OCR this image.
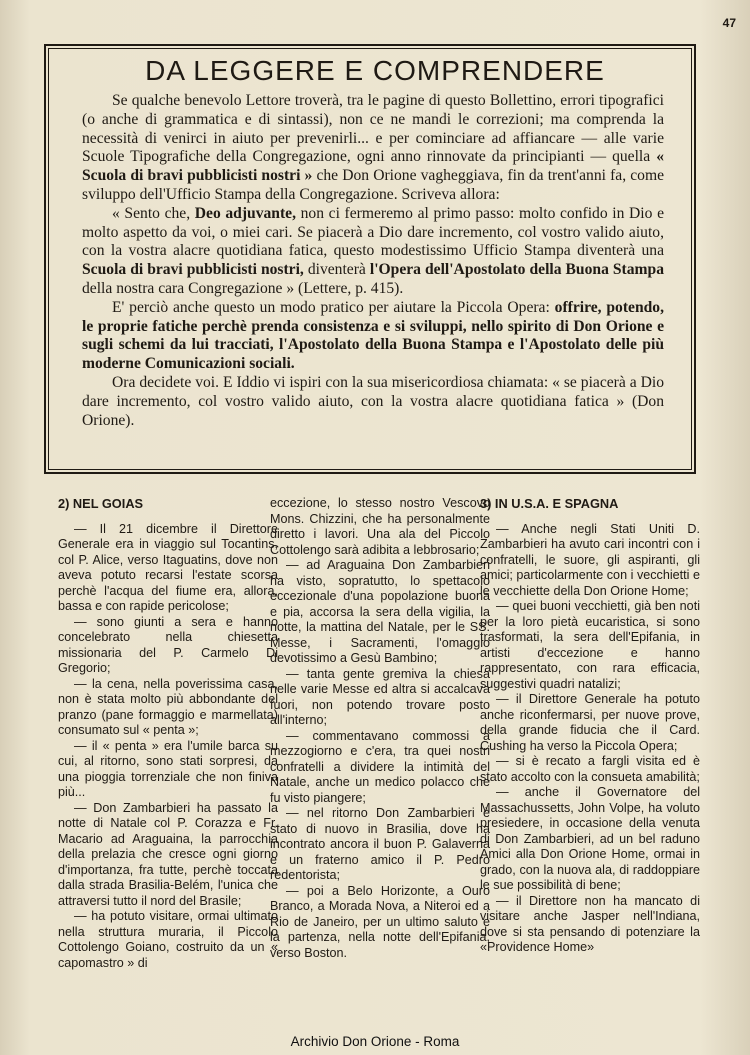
47
DA LEGGERE E COMPRENDERE

Se qualche benevolo Lettore troverà, tra le pagine di questo Bollettino, errori tipografici (o anche di grammatica e di sintassi), non ce ne mandi le correzioni; ma comprenda la necessità di venirci in aiuto per prevenirli... e per cominciare ad affiancare — alle varie Scuole Tipografiche della Congregazione, ogni anno rinnovate da principianti — quella « Scuola di bravi pubblicisti nostri » che Don Orione vagheggiava, fin da trent'anni fa, come sviluppo dell'Ufficio Stampa della Congregazione. Scriveva allora:

« Sento che, Deo adjuvante, non ci fermeremo al primo passo: molto confido in Dio e molto aspetto da voi, o miei cari. Se piacerà a Dio dare incremento, col vostro valido aiuto, con la vostra alacre quotidiana fatica, questo modestissimo Ufficio Stampa diventerà una Scuola di bravi pubblicisti nostri, diventerà l'Opera dell'Apostolato della Buona Stampa della nostra cara Congregazione » (Lettere, p. 415).

E' perciò anche questo un modo pratico per aiutare la Piccola Opera: offrire, potendo, le proprie fatiche perchè prenda consistenza e si sviluppi, nello spirito di Don Orione e sugli schemi da lui tracciati, l'Apostolato della Buona Stampa e l'Apostolato delle più moderne Comunicazioni sociali.

Ora decidete voi. E Iddio vi ispiri con la sua misericordiosa chiamata: « se piacerà a Dio dare incremento, col vostro valido aiuto, con la vostra alacre quotidiana fatica » (Don Orione).

2) NEL GOIAS

— Il 21 dicembre il Direttore Generale era in viaggio sul Tocantins, col P. Alice, verso Itaguatins, dove non aveva potuto recarsi l'estate scorsa perchè l'acqua del fiume era, allora, bassa e con rapide pericolose;

— sono giunti a sera e hanno concelebrato nella chiesetta missionaria del P. Carmelo Di Gregorio;

— la cena, nella poverissima casa, non è stata molto più abbondante del pranzo (pane formaggio e marmellata) consumato sul « penta »;

— il « penta » era l'umile barca su cui, al ritorno, sono stati sorpresi, da una pioggia torrenziale che non finiva più...

— Don Zambarbieri ha passato la notte di Natale col P. Corazza e Fr. Macario ad Araguaina, la parrocchia della prelazia che cresce ogni giorno d'importanza, fra tutte, perchè toccata dalla strada Brasilia-Belém, l'unica che attraversi tutto il nord del Brasile;

— ha potuto visitare, ormai ultimato nella struttura muraria, il Piccolo Cottolengo Goiano, costruito da un « capomastro » di

eccezione, lo stesso nostro Vescovo Mons. Chizzini, che ha personalmente diretto i lavori. Una ala del Piccolo Cottolengo sarà adibita a lebbrosario;

— ad Araguaina Don Zambarbieri ha visto, sopratutto, lo spettacolo eccezionale d'una popolazione buona e pia, accorsa la sera della vigilia, la notte, la mattina del Natale, per le SS. Messe, i Sacramenti, l'omaggio devotissimo a Gesù Bambino;

— tanta gente gremiva la chiesa nelle varie Messe ed altra si accalcava fuori, non potendo trovare posto all'interno;

— commentavano commossi a mezzogiorno e c'era, tra quei nostri confratelli a dividere la intimità del Natale, anche un medico polacco che fu visto piangere;

— nel ritorno Don Zambarbieri è stato di nuovo in Brasilia, dove ha incontrato ancora il buon P. Galaverna e un fraterno amico il P. Pedro redentorista;

— poi a Belo Horizonte, a Ouro Branco, a Morada Nova, a Niteroi ed a Rio de Janeiro, per un ultimo saluto e la partenza, nella notte dell'Epifania, verso Boston.

3) IN U.S.A. E SPAGNA

— Anche negli Stati Uniti D. Zambarbieri ha avuto cari incontri con i confratelli, le suore, gli aspiranti, gli amici; particolarmente con i vecchietti e le vecchiette della Don Orione Home;

— quei buoni vecchietti, già ben noti per la loro pietà eucaristica, si sono trasformati, la sera dell'Epifania, in artisti d'eccezione e hanno rappresentato, con rara efficacia, suggestivi quadri natalizi;

— il Direttore Generale ha potuto anche riconfermarsi, per nuove prove, della grande fiducia che il Card. Cushing ha verso la Piccola Opera;

— si è recato a fargli visita ed è stato accolto con la consueta amabilità;

— anche il Governatore del Massachussetts, John Volpe, ha voluto presiedere, in occasione della venuta di Don Zambarbieri, ad un bel raduno Amici alla Don Orione Home, ormai in grado, con la nuova ala, di raddoppiare le sue possibilità di bene;

— il Direttore non ha mancato di visitare anche Jasper nell'Indiana, dove si sta pensando di potenziare la «Providence Home»

Archivio Don Orione - Roma
